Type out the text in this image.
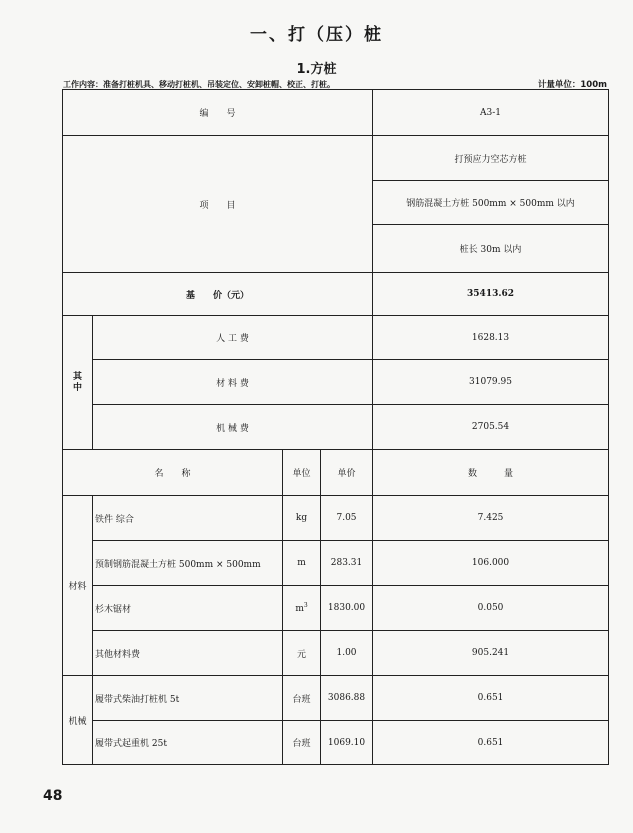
一、打（压）桩
1.方桩
工作内容：准备打桩机具、移动打桩机、吊装定位、安卸桩帽、校正、打桩。	计量单位：100m
编　　号				A3-1
项　　目				打预应力空芯方桩
				钢筋混凝土方桩 500mm × 500mm 以内
				桩长 30m 以内
基　　价（元）				35413.62
其
中	人 工 费			1628.13
	材 料 费			31079.95
	机 械 费			2705.54
名　　称		单位	单价	数　　　量
材料	铁件 综合	kg	7.05	7.425
	预制钢筋混凝土方桩 500mm × 500mm	m	283.31	106.000
	杉木锯材	$m^3$	1830.00	0.050
	其他材料费	元	1.00	905.241
机械	履带式柴油打桩机 5t	台班	3086.88	0.651
	履带式起重机 25t	台班	1069.10	0.651
48
